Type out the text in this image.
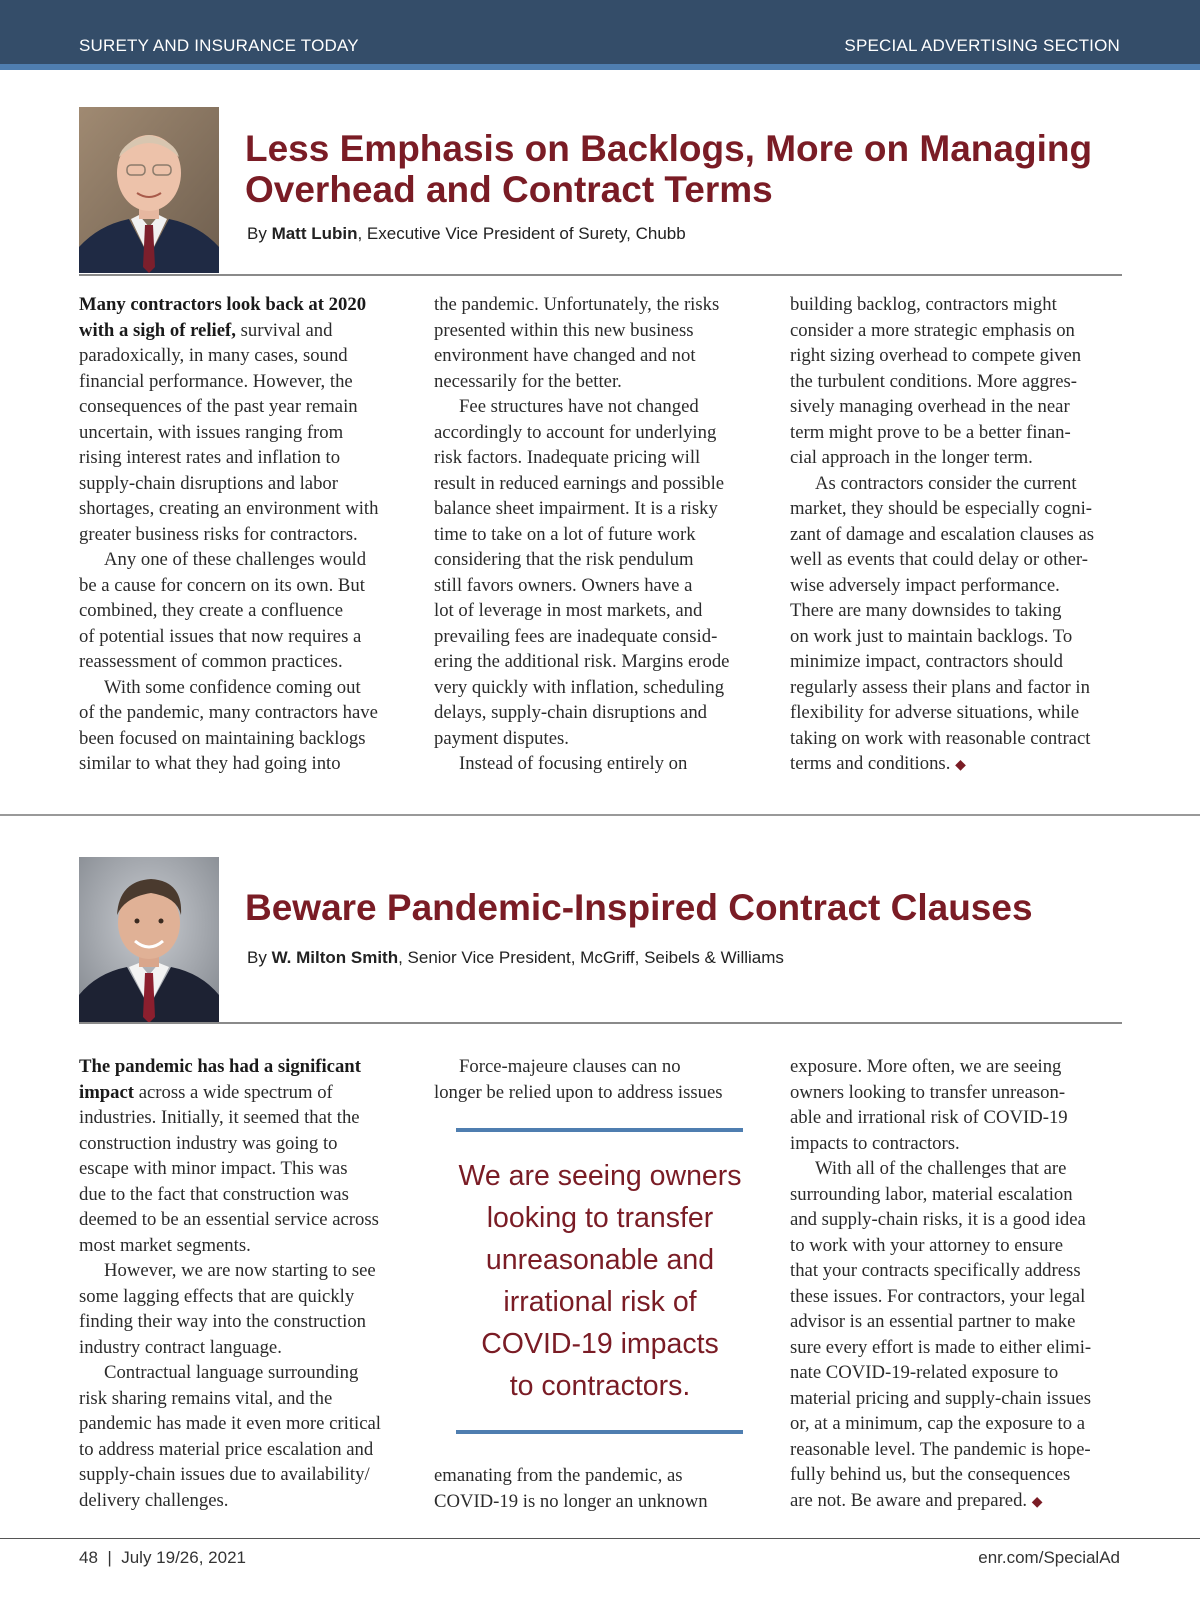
SURETY AND INSURANCE TODAY	SPECIAL ADVERTISING SECTION
Less Emphasis on Backlogs, More on Managing
Overhead and Contract Terms
By Matt Lubin, Executive Vice President of Surety, Chubb

Many contractors look back at 2020

with a sigh of relief, survival and

paradoxically, in many cases, sound

financial performance. However, the

consequences of the past year remain

uncertain, with issues ranging from

rising interest rates and inflation to

supply-chain disruptions and labor

shortages, creating an environment with

greater business risks for contractors.

Any one of these challenges would

be a cause for concern on its own. But

combined, they create a confluence

of potential issues that now requires a

reassessment of common practices.

With some confidence coming out

of the pandemic, many contractors have

been focused on maintaining backlogs

similar to what they had going into

the pandemic. Unfortunately, the risks

presented within this new business

environment have changed and not

necessarily for the better.

Fee structures have not changed

accordingly to account for underlying

risk factors. Inadequate pricing will

result in reduced earnings and possible

balance sheet impairment. It is a risky

time to take on a lot of future work

considering that the risk pendulum

still favors owners. Owners have a

lot of leverage in most markets, and

prevailing fees are inadequate consid-

ering the additional risk. Margins erode

very quickly with inflation, scheduling

delays, supply-chain disruptions and

payment disputes.

Instead of focusing entirely on

building backlog, contractors might

consider a more strategic emphasis on

right sizing overhead to compete given

the turbulent conditions. More aggres-

sively managing overhead in the near

term might prove to be a better finan-

cial approach in the longer term.

As contractors consider the current

market, they should be especially cogni-

zant of damage and escalation clauses as

well as events that could delay or other-

wise adversely impact performance.

There are many downsides to taking

on work just to maintain backlogs. To

minimize impact, contractors should

regularly assess their plans and factor in

flexibility for adverse situations, while

taking on work with reasonable contract

terms and conditions. ◆

Beware Pandemic-Inspired Contract Clauses
By W. Milton Smith, Senior Vice President, McGriff, Seibels & Williams

The pandemic has had a significant

impact across a wide spectrum of

industries. Initially, it seemed that the

construction industry was going to

escape with minor impact. This was

due to the fact that construction was

deemed to be an essential service across

most market segments.

However, we are now starting to see

some lagging effects that are quickly

finding their way into the construction

industry contract language.

Contractual language surrounding

risk sharing remains vital, and the

pandemic has made it even more critical

to address material price escalation and

supply-chain issues due to availability/

delivery challenges.

Force-majeure clauses can no

longer be relied upon to address issues

We are seeing owners
looking to transfer
unreasonable and
irrational risk of
COVID-19 impacts
to contractors.

emanating from the pandemic, as

COVID-19 is no longer an unknown

exposure. More often, we are seeing

owners looking to transfer unreason-

able and irrational risk of COVID-19

impacts to contractors.

With all of the challenges that are

surrounding labor, material escalation

and supply-chain risks, it is a good idea

to work with your attorney to ensure

that your contracts specifically address

these issues. For contractors, your legal

advisor is an essential partner to make

sure every effort is made to either elimi-

nate COVID-19-related exposure to

material pricing and supply-chain issues

or, at a minimum, cap the exposure to a

reasonable level. The pandemic is hope-

fully behind us, but the consequences

are not. Be aware and prepared. ◆

48  |  July 19/26, 2021	enr.com/SpecialAd
